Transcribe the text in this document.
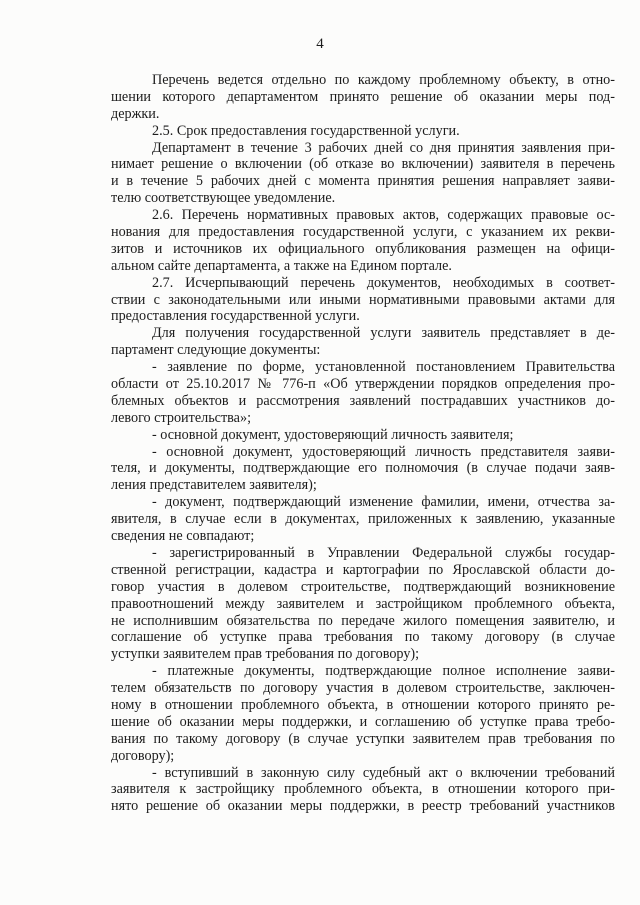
4
Перечень ведется отдельно по каждому проблемному объекту, в отно-
шении которого департаментом принято решение об оказании меры под-
держки.
2.5. Срок предоставления государственной услуги.
Департамент в течение 3 рабочих дней со дня принятия заявления при-
нимает решение о включении (об отказе во включении) заявителя в перечень
и в течение 5 рабочих дней с момента принятия решения направляет заяви-
телю соответствующее уведомление.
2.6. Перечень нормативных правовых актов, содержащих правовые ос-
нования для предоставления государственной услуги, с указанием их рекви-
зитов и источников их официального опубликования размещен на офици-
альном сайте департамента, а также на Едином портале.
2.7. Исчерпывающий перечень документов, необходимых в соответ-
ствии с законодательными или иными нормативными правовыми актами для
предоставления государственной услуги.
Для получения государственной услуги заявитель представляет в де-
партамент следующие документы:
- заявление по форме, установленной постановлением Правительства
области от 25.10.2017 № 776-п «Об утверждении порядков определения про-
блемных объектов и рассмотрения заявлений пострадавших участников до-
левого строительства»;
- основной документ, удостоверяющий личность заявителя;
- основной документ, удостоверяющий личность представителя заяви-
теля, и документы, подтверждающие его полномочия (в случае подачи заяв-
ления представителем заявителя);
- документ, подтверждающий изменение фамилии, имени, отчества за-
явителя, в случае если в документах, приложенных к заявлению, указанные
сведения не совпадают;
- зарегистрированный в Управлении Федеральной службы государ-
ственной регистрации, кадастра и картографии по Ярославской области до-
говор участия в долевом строительстве, подтверждающий возникновение
правоотношений между заявителем и застройщиком проблемного объекта,
не исполнившим обязательства по передаче жилого помещения заявителю, и
соглашение об уступке права требования по такому договору (в случае
уступки заявителем прав требования по договору);
- платежные документы, подтверждающие полное исполнение заяви-
телем обязательств по договору участия в долевом строительстве, заключен-
ному в отношении проблемного объекта, в отношении которого принято ре-
шение об оказании меры поддержки, и соглашению об уступке права требо-
вания по такому договору (в случае уступки заявителем прав требования по
договору);
- вступивший в законную силу судебный акт о включении требований
заявителя к застройщику проблемного объекта, в отношении которого при-
нято решение об оказании меры поддержки, в реестр требований участников
